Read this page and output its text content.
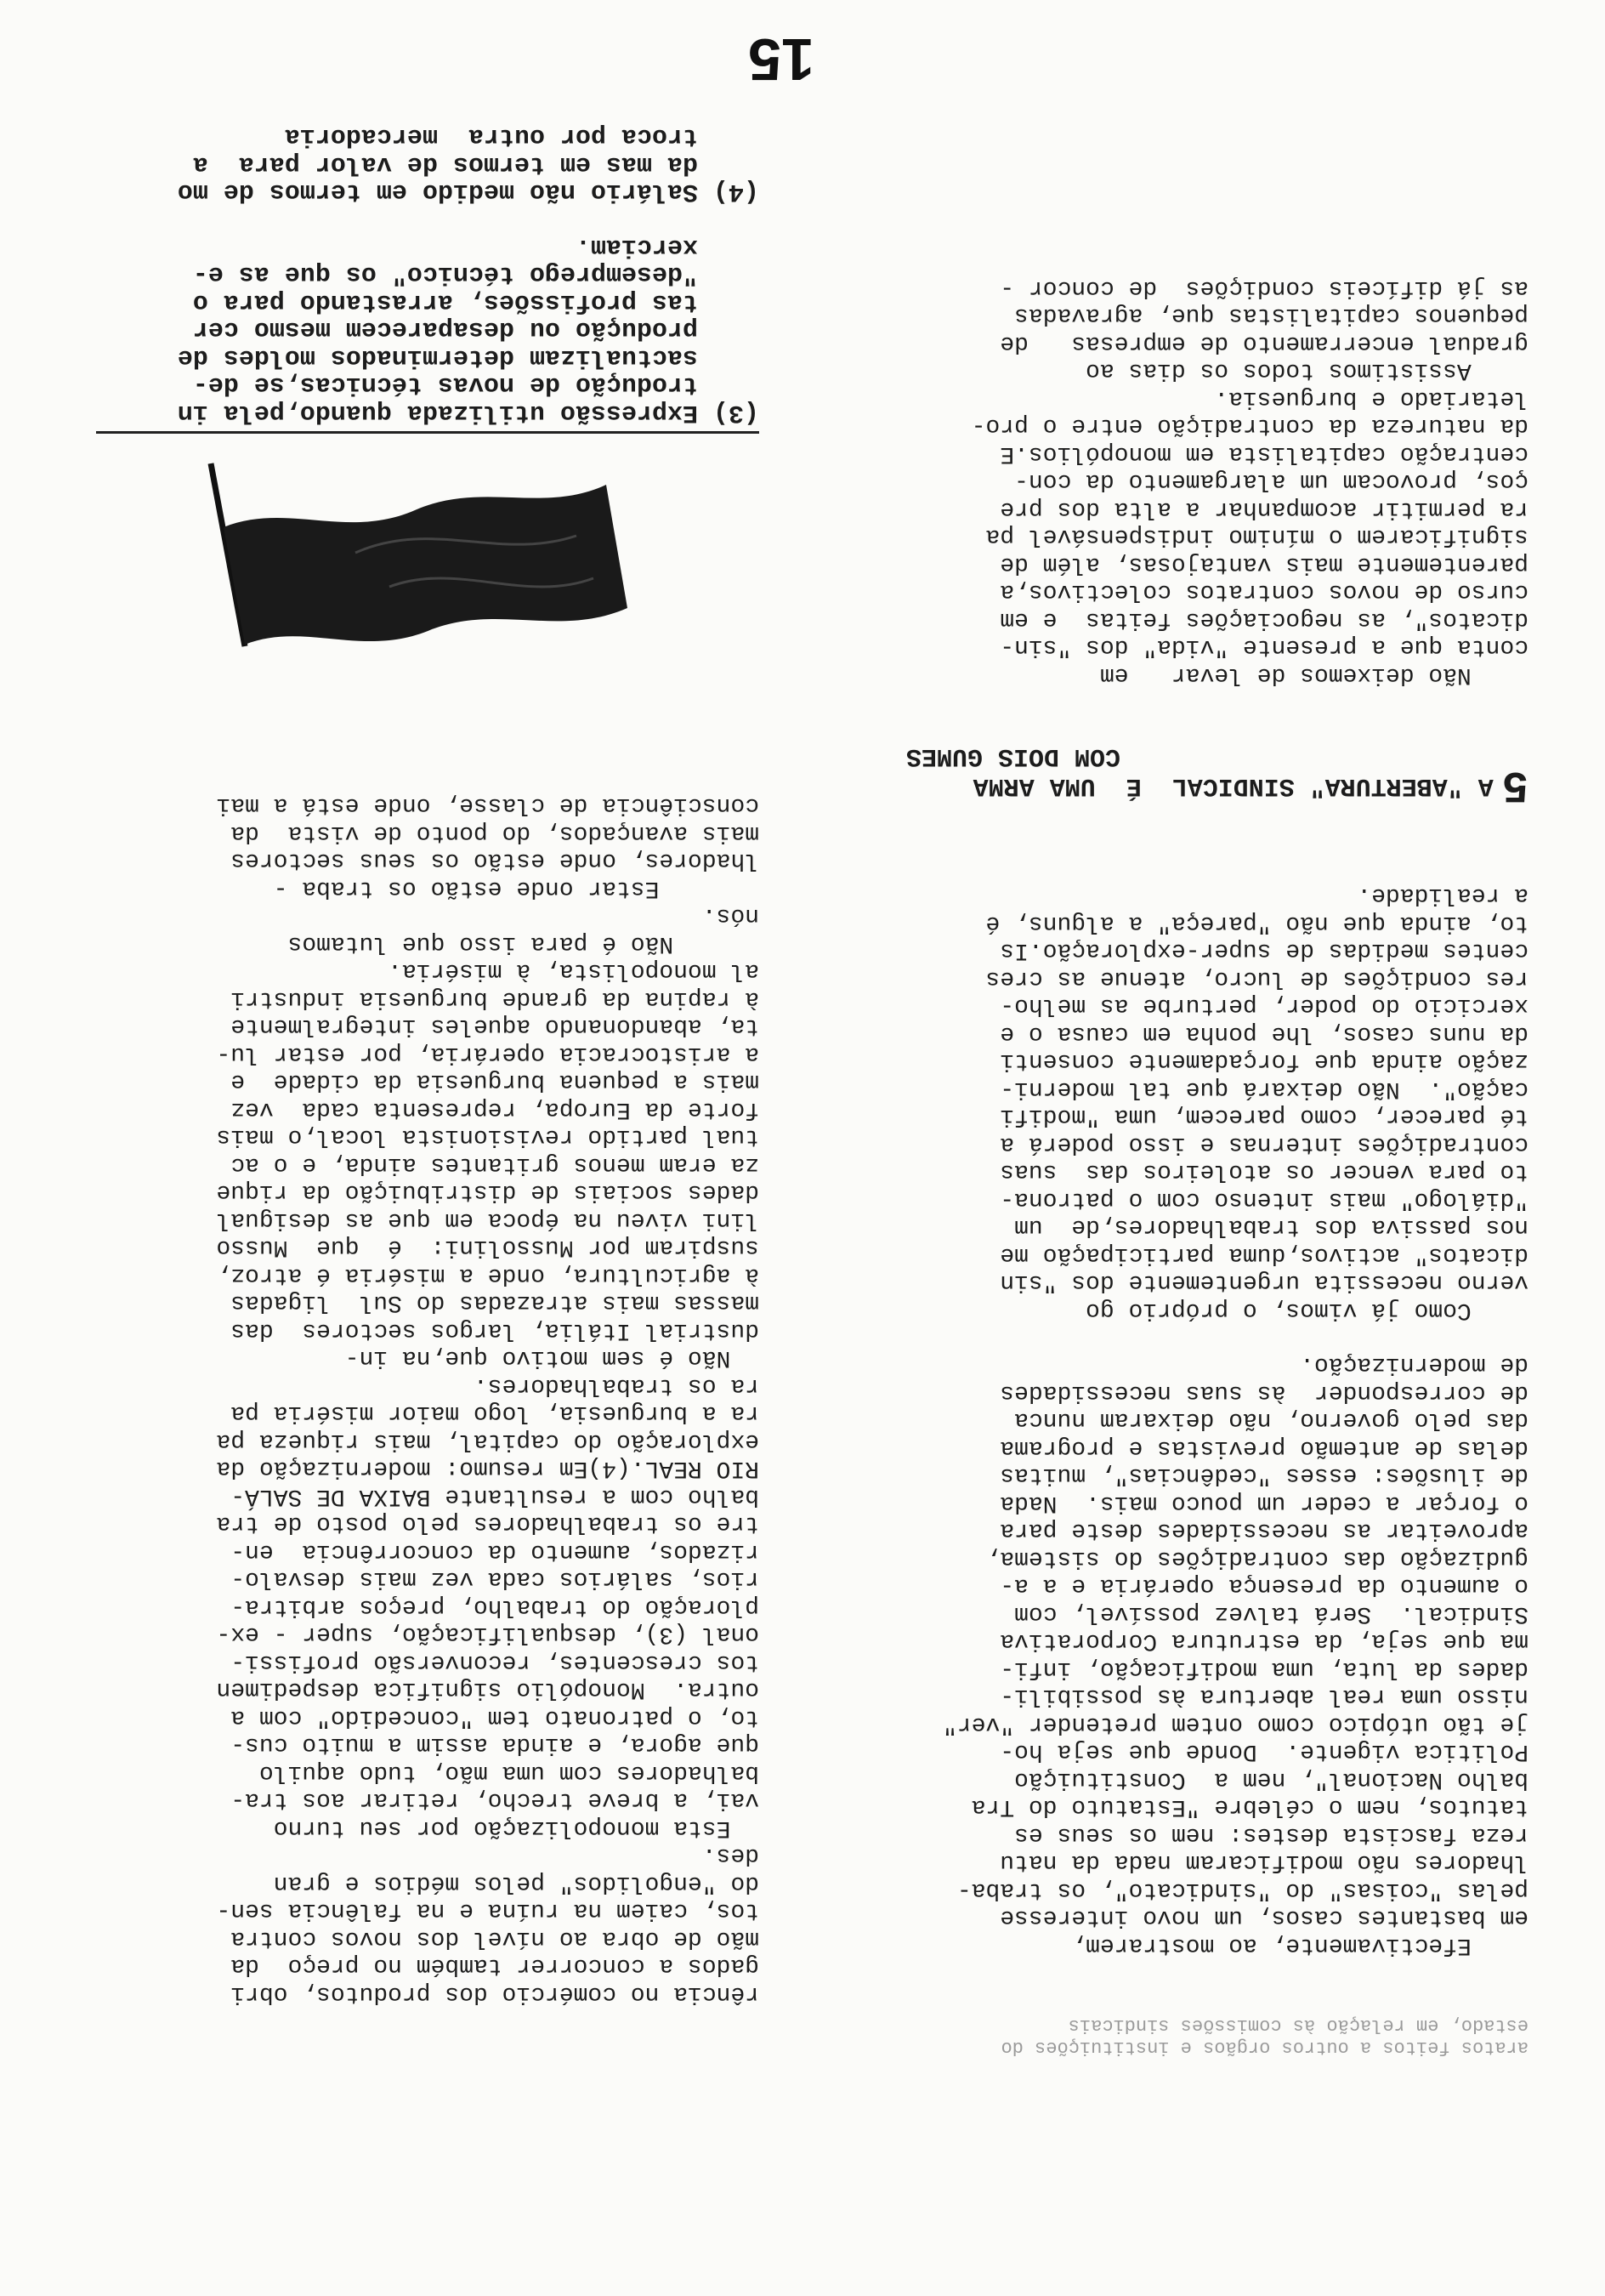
aratos feitos a outros orgãos e instituições do

estado, em relação às comissões sindicais

Efectivamente, ao mostrarem,

em bastantes casos, um novo interesse

pelas "coisas" do "sindicato", os traba-

lhadores não modificaram nada da natu

reza fascista destes: nem os seus es

tatutos, nem o célebre "Estatuto do Tra

balho Nacional", nem a  Constituição

Politica vigente.  Donde que seja ho-

je tão utópico como ontem pretender "ver"

nisso uma real abertura às possibili-

dades da luta, uma modificação, infi-

ma que seja, da estrutura Corporativa

Sindical.  Será talvez possível, com

o aumento da presença operária e a a-

gudização das contradições do sistema,

aproveitar as necessidades deste para

o forçar a ceder um pouco mais.  Nada

de ilusões: esses "cedências", muitas

delas de antemão previstas e programa

das pelo governo, não deixaram nunca

de corresponder  às suas necessidades

de modernização.

Como já vimos, o próprio go

verno necessita urgentemente dos "sin

dicatos" activos,duma participação me

nos passiva dos trabalhadores,de  um

"diálogo" mais intenso com o patrona-

to para vencer os atoleiros das  suas

contradições internas e isso poderá a

té parecer, como parecem, uma "modifi

cação".  Não deixará que tal moderni-

zação ainda que forçadamente consenti

da nuns casos, lhe ponha em causa o e

xercicio do poder, perturbe as melho-

res condições de lucro, atenue as cres

centes medidas de super-exploração.Is

to, ainda que não "pareça" a alguns, é

a realidade.

5A "ABERTURA" SINDICAL  É  UMA ARMA

COM DOIS GUMES

Não deixemos de levar   em

conta que a presente "vida" dos "sin-

dicatos", as negociações feitas  e em

curso de novos contratos colectivos,a

parentemente mais vantajosas, além de

significarem o mínimo indispensável pa

ra permitir acompanhar a alta dos pre

ços, provocam um alargamento da con-

centração capitalista em monopólios.E

da natureza da contradição entre o pro-

letariado e burguesia.

Assistimos todos os dias ao

gradual encerramento de empresas   de

pequenos capitalistas que, agravadas

as já difíceis condições  de concor -

rência no comércio dos produtos, obri

gados a concorrer também no preço  da

mão de obra ao nível dos novos contra

tos, caiem na ruína e na falência sen-

do "engolidos" pelos médios e gran

des.

Esta monopolização por seu turno

vai, a breve trecho, retirar aos tra-

balhadores com uma mão, tudo aquilo

que agora, e ainda assim a muito cus-

to, o patronato tem "concedido" com a

outra.  Monopólio significa despedimen

tos crescentes, reconversão profissi-

onal (3), desqualificação, super - ex-

ploração do trabalho, preços arbitra-

rios, salários cada vez mais desvalo-

rizados, aumento da concorrência  en-

tre os trabalhadores pelo posto de tra

balho com a resultante BAIXA DE SALÁ-

RIO REAL.(4)Em resumo: modernização da

exploração do capital, mais riqueza pa

ra a burguesia, logo maior miséria pa

ra os trabalhadores.

Não é sem motivo que,na in-

dustrial Itália, largos sectores  das

massas mais atrazadas do Sul  ligadas

à agricultura, onde a miséria é atroz,

suspiram por Mussolini:  é  que  Musso

lini viveu na época em que as desigual

dades sociais de distribuição da rique

za eram menos gritantes ainda, e o ac

tual partido revisionista local,o mais

forte da Europa, representa cada  vez

mais a pequena burguesia da cidade  e

a aristocracia operária, por estar lu-

ta, abandonando aqueles integralmente

à rapina da grande burguesia industri

al monopolista, à miséria.

Não é para isso que lutamos

nós.

Estar onde estão os traba -

lhadores, onde estão os seus sectores

mais avançados, do ponto de vista  da

consciência de classe, onde está a mai

(3) Expressão utilizada quando,pela in

trodução de novas técnicas,se de-

sactualizam determinados moldes de

produção ou desaparecem mesmo cer

tas profissões, arrastando para o

"desemprego técnico" os que as e-

xerciam.

(4) Salário não medido em termos de mo

da mas em termos de valor para  a

troca por outra  mercadoria

15
